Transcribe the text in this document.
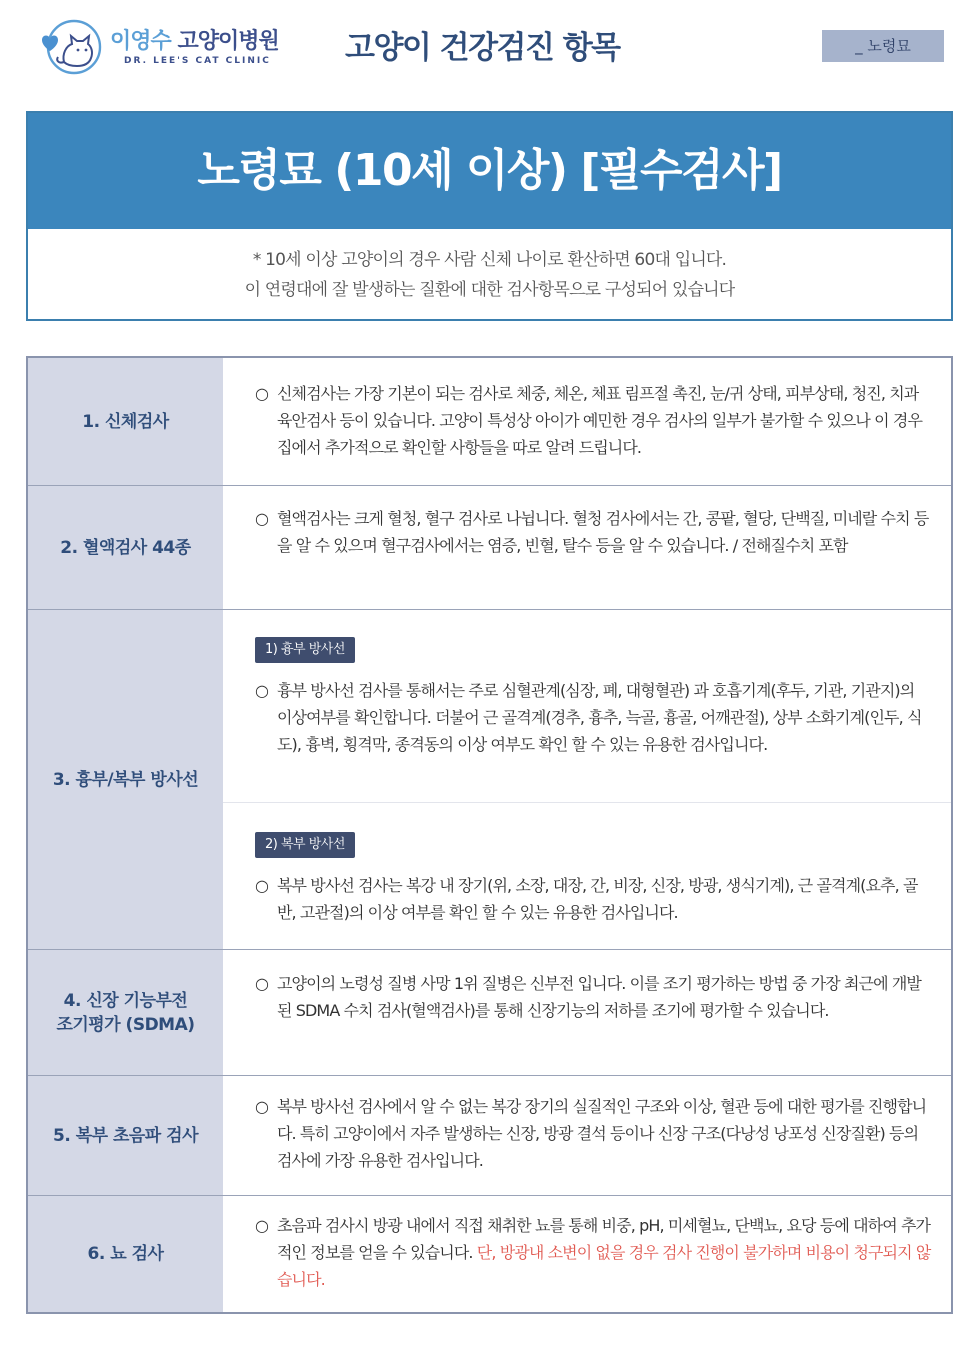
이영수 고양이병원
DR. LEE'S CAT CLINIC 고양이 건강검진 항목	_ 노령묘
노령묘 (10세 이상) [필수검사]
* 10세 이상 고양이의 경우 사람 신체 나이로 환산하면 60대 입니다.
이 연령대에 잘 발생하는 질환에 대한 검사항목으로 구성되어 있습니다
1. 신체검사
○ 신체검사는 가장 기본이 되는 검사로 체중, 체온, 체표 림프절 촉진, 눈/귀 상태, 피부상태, 청진, 치과 육안검사 등이 있습니다. 고양이 특성상 아이가 예민한 경우 검사의 일부가 불가할 수 있으나 이 경우 집에서 추가적으로 확인할 사항들을 따로 알려 드립니다.
2. 혈액검사 44종
○ 혈액검사는 크게 혈청, 혈구 검사로 나뉩니다. 혈청 검사에서는 간, 콩팥, 혈당, 단백질, 미네랄 수치 등을 알 수 있으며 혈구검사에서는 염증, 빈혈, 탈수 등을 알 수 있습니다. / 전해질수치 포함
3. 흉부/복부 방사선
1) 흉부 방사선
○ 흉부 방사선 검사를 통해서는 주로 심혈관계(심장, 폐, 대형혈관) 과 호흡기계(후두, 기관, 기관지)의 이상여부를 확인합니다. 더불어 근 골격계(경추, 흉추, 늑골, 흉골, 어깨관절), 상부 소화기계(인두, 식도), 흉벽, 횡격막, 종격동의 이상 여부도 확인 할 수 있는 유용한 검사입니다.
2) 복부 방사선
○ 복부 방사선 검사는 복강 내 장기(위, 소장, 대장, 간, 비장, 신장, 방광, 생식기계), 근 골격계(요추, 골반, 고관절)의 이상 여부를 확인 할 수 있는 유용한 검사입니다.
4. 신장 기능부전
조기평가 (SDMA)
○ 고양이의 노령성 질병 사망 1위 질병은 신부전 입니다. 이를 조기 평가하는 방법 중 가장 최근에 개발된 SDMA 수치 검사(혈액검사)를 통해 신장기능의 저하를 조기에 평가할 수 있습니다.
5. 복부 초음파 검사
○ 복부 방사선 검사에서 알 수 없는 복강 장기의 실질적인 구조와 이상, 혈관 등에 대한 평가를 진행합니다. 특히 고양이에서 자주 발생하는 신장, 방광 결석 등이나 신장 구조(다낭성 낭포성 신장질환) 등의 검사에 가장 유용한 검사입니다.
6. 뇨 검사
○ 초음파 검사시 방광 내에서 직접 채취한 뇨를 통해 비중, pH, 미세혈뇨, 단백뇨, 요당 등에 대하여 추가적인 정보를 얻을 수 있습니다. 단, 방광내 소변이 없을 경우 검사 진행이 불가하며 비용이 청구되지 않습니다.
